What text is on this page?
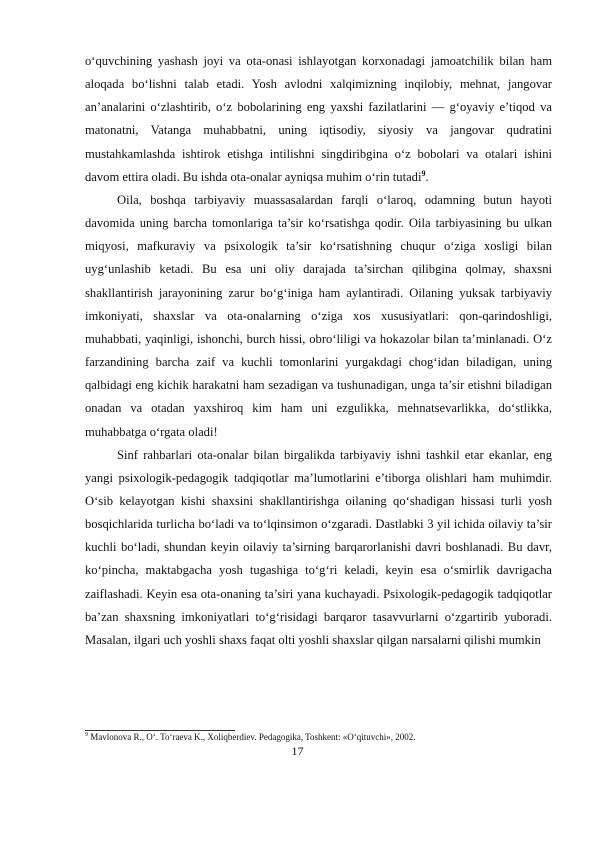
o‘quvchining yashash joyi va ota-onasi ishlayotgan korxonadagi jamoatchilik bilan ham aloqada bo‘lishni talab etadi. Yosh avlodni xalqimizning inqilobiy, mehnat, jangovar an’analarini o‘zlashtirib, o‘z bobolarining eng yaxshi fazilatlarini — g‘oyaviy e’tiqod va matonatni, Vatanga muhabbatni, uning iqtisodiy, siyosiy va jangovar qudratini mustahkamlashda ishtirok etishga intilishni singdiribgina o‘z bobolari va otalari ishini davom ettira oladi. Bu ishda ota-onalar ayniqsa muhim o‘rin tutadi$^9$.

Oila, boshqa tarbiyaviy muassasalardan farqli o‘laroq, odamning butun hayoti davomida uning barcha tomonlariga ta’sir ko‘rsatishga qodir. Oila tarbiyasining bu ulkan miqyosi, mafkuraviy va psixologik ta’sir ko‘rsatishning chuqur o‘ziga xosligi bilan uyg‘unlashib ketadi. Bu esa uni oliy darajada ta’sirchan qilibgina qolmay, shaxsni shakllantirish jarayonining zarur bo‘g‘iniga ham aylantiradi. Oilaning yuksak tarbiyaviy imkoniyati, shaxslar va ota-onalarning o‘ziga xos xususiyatlari: qon-qarindoshligi, muhabbati, yaqinligi, ishonchi, burch hissi, obro‘liligi va hokazolar bilan ta’minlanadi. O‘z farzandining barcha zaif va kuchli tomonlarini yurgakdagi chog‘idan biladigan, uning qalbidagi eng kichik harakatni ham sezadigan va tushunadigan, unga ta’sir etishni biladigan onadan va otadan yaxshiroq kim ham uni ezgulikka, mehnatsevarlikka, do‘stlikka, muhabbatga o‘rgata oladi!

Sinf rahbarlari ota-onalar bilan birgalikda tarbiyaviy ishni tashkil etar ekanlar, eng yangi psixologik-pedagogik tadqiqotlar ma’lumotlarini e’tiborga olishlari ham muhimdir. O‘sib kelayotgan kishi shaxsini shakllantirishga oilaning qo‘shadigan hissasi turli yosh bosqichlarida turlicha bo‘ladi va to‘lqinsimon o‘zgaradi. Dastlabki 3 yil ichida oilaviy ta’sir kuchli bo‘ladi, shundan keyin oilaviy ta’sirning barqarorlanishi davri boshlanadi. Bu davr, ko‘pincha, maktabgacha yosh tugashiga to‘g‘ri keladi, keyin esa o‘smirlik davrigacha zaiflashadi. Keyin esa ota-onaning ta’siri yana kuchayadi. Psixologik-pedagogik tadqiqotlar ba’zan shaxsning imkoniyatlari to‘g‘risidagi barqaror tasavvurlarni o‘zgartirib yuboradi. Masalan, ilgari uch yoshli shaxs faqat olti yoshli shaxslar qilgan narsalarni qilishi mumkin

$^9$ Mavlonova R., O‘. To‘raeva K., Xoliqberdiev. Pedagogika, Toshkent: «O‘qituvchi», 2002.
17
